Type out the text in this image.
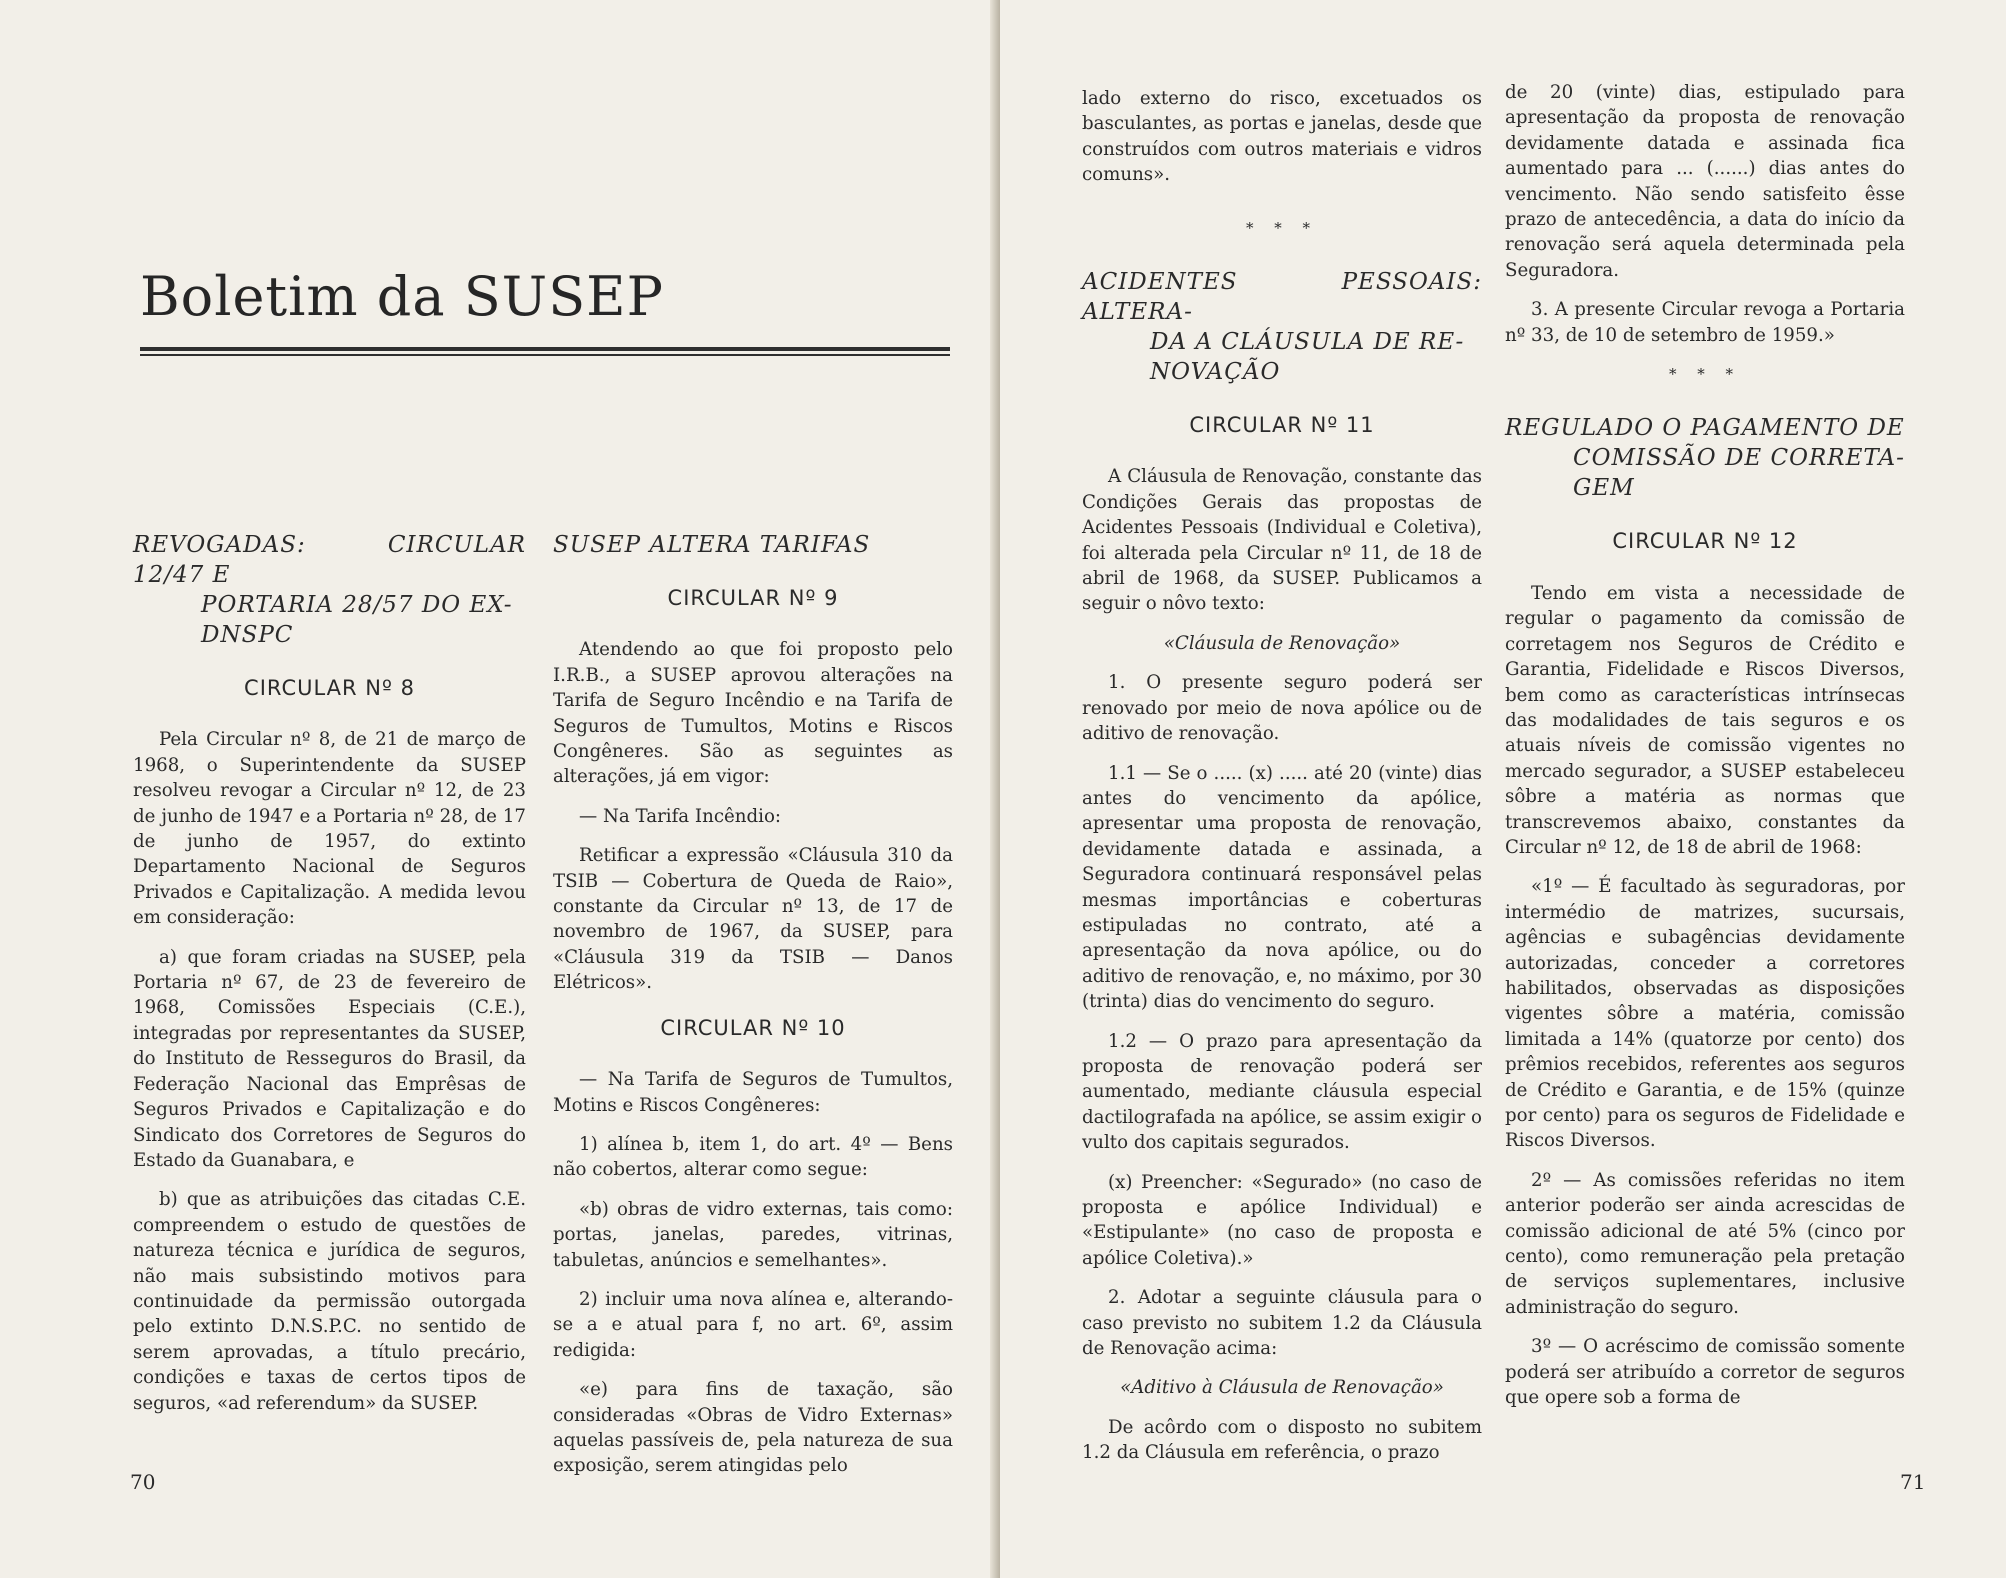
Boletim da SUSEP
REVOGADAS: CIRCULAR 12/47 E
PORTARIA 28/57 DO EX-
DNSPC
CIRCULAR Nº 8

Pela Circular nº 8, de 21 de março de 1968, o Superintendente da SUSEP resolveu revogar a Circular nº 12, de 23 de junho de 1947 e a Portaria nº 28, de 17 de junho de 1957, do extinto Departamento Nacional de Seguros Privados e Capitalização. A medida levou em consideração:

a) que foram criadas na SUSEP, pela Portaria nº 67, de 23 de fevereiro de 1968, Comissões Especiais (C.E.), integradas por representantes da SUSEP, do Instituto de Resseguros do Brasil, da Federação Nacional das Emprêsas de Seguros Privados e Capitalização e do Sindicato dos Corretores de Seguros do Estado da Guanabara, e

b) que as atribuições das citadas C.E. compreendem o estudo de questões de natureza técnica e jurídica de seguros, não mais subsistindo motivos para continuidade da permissão outorgada pelo extinto D.N.S.P.C. no sentido de serem aprovadas, a título precário, condições e taxas de certos tipos de seguros, «ad referendum» da SUSEP.

SUSEP ALTERA TARIFAS
CIRCULAR Nº 9

Atendendo ao que foi proposto pelo I.R.B., a SUSEP aprovou alterações na Tarifa de Seguro Incêndio e na Tarifa de Seguros de Tumultos, Motins e Riscos Congêneres. São as seguintes as alterações, já em vigor:

— Na Tarifa Incêndio:

Retificar a expressão «Cláusula 310 da TSIB — Cobertura de Queda de Raio», constante da Circular nº 13, de 17 de novembro de 1967, da SUSEP, para «Cláusula 319 da TSIB — Danos Elétricos».

CIRCULAR Nº 10

— Na Tarifa de Seguros de Tumultos, Motins e Riscos Congêneres:

1) alínea b, item 1, do art. 4º — Bens não cobertos, alterar como segue:

«b) obras de vidro externas, tais como: portas, janelas, paredes, vitrinas, tabuletas, anúncios e semelhantes».

2) incluir uma nova alínea e, alterando-se a e atual para f, no art. 6º, assim redigida:

«e) para fins de taxação, são consideradas «Obras de Vidro Externas» aquelas passíveis de, pela natureza de sua exposição, serem atingidas pelo

70

lado externo do risco, excetuados os basculantes, as portas e janelas, desde que construídos com outros materiais e vidros comuns».

* * *
ACIDENTES PESSOAIS: ALTERA-
DA A CLÁUSULA DE RE-
NOVAÇÃO
CIRCULAR Nº 11

A Cláusula de Renovação, constante das Condições Gerais das propostas de Acidentes Pessoais (Individual e Coletiva), foi alterada pela Circular nº 11, de 18 de abril de 1968, da SUSEP. Publicamos a seguir o nôvo texto:

«Cláusula de Renovação»

1. O presente seguro poderá ser renovado por meio de nova apólice ou de aditivo de renovação.

1.1 — Se o ..... (x) ..... até 20 (vinte) dias antes do vencimento da apólice, apresentar uma proposta de renovação, devidamente datada e assinada, a Seguradora continuará responsável pelas mesmas importâncias e coberturas estipuladas no contrato, até a apresentação da nova apólice, ou do aditivo de renovação, e, no máximo, por 30 (trinta) dias do vencimento do seguro.

1.2 — O prazo para apresentação da proposta de renovação poderá ser aumentado, mediante cláusula especial dactilografada na apólice, se assim exigir o vulto dos capitais segurados.

(x) Preencher: «Segurado» (no caso de proposta e apólice Individual) e «Estipulante» (no caso de proposta e apólice Coletiva).»

2. Adotar a seguinte cláusula para o caso previsto no subitem 1.2 da Cláusula de Renovação acima:

«Aditivo à Cláusula de Renovação»

De acôrdo com o disposto no subitem 1.2 da Cláusula em referência, o prazo

de 20 (vinte) dias, estipulado para apresentação da proposta de renovação devidamente datada e assinada fica aumentado para ... (......) dias antes do vencimento. Não sendo satisfeito êsse prazo de antecedência, a data do início da renovação será aquela determinada pela Seguradora.

3. A presente Circular revoga a Portaria nº 33, de 10 de setembro de 1959.»

* * *
REGULADO O PAGAMENTO DE
COMISSÃO DE CORRETA-
GEM
CIRCULAR Nº 12

Tendo em vista a necessidade de regular o pagamento da comissão de corretagem nos Seguros de Crédito e Garantia, Fidelidade e Riscos Diversos, bem como as características intrínsecas das modalidades de tais seguros e os atuais níveis de comissão vigentes no mercado segurador, a SUSEP estabeleceu sôbre a matéria as normas que transcrevemos abaixo, constantes da Circular nº 12, de 18 de abril de 1968:

«1º — É facultado às seguradoras, por intermédio de matrizes, sucursais, agências e subagências devidamente autorizadas, conceder a corretores habilitados, observadas as disposições vigentes sôbre a matéria, comissão limitada a 14% (quatorze por cento) dos prêmios recebidos, referentes aos seguros de Crédito e Garantia, e de 15% (quinze por cento) para os seguros de Fidelidade e Riscos Diversos.

2º — As comissões referidas no item anterior poderão ser ainda acrescidas de comissão adicional de até 5% (cinco por cento), como remuneração pela pretação de serviços suplementares, inclusive administração do seguro.

3º — O acréscimo de comissão somente poderá ser atribuído a corretor de seguros que opere sob a forma de

71
